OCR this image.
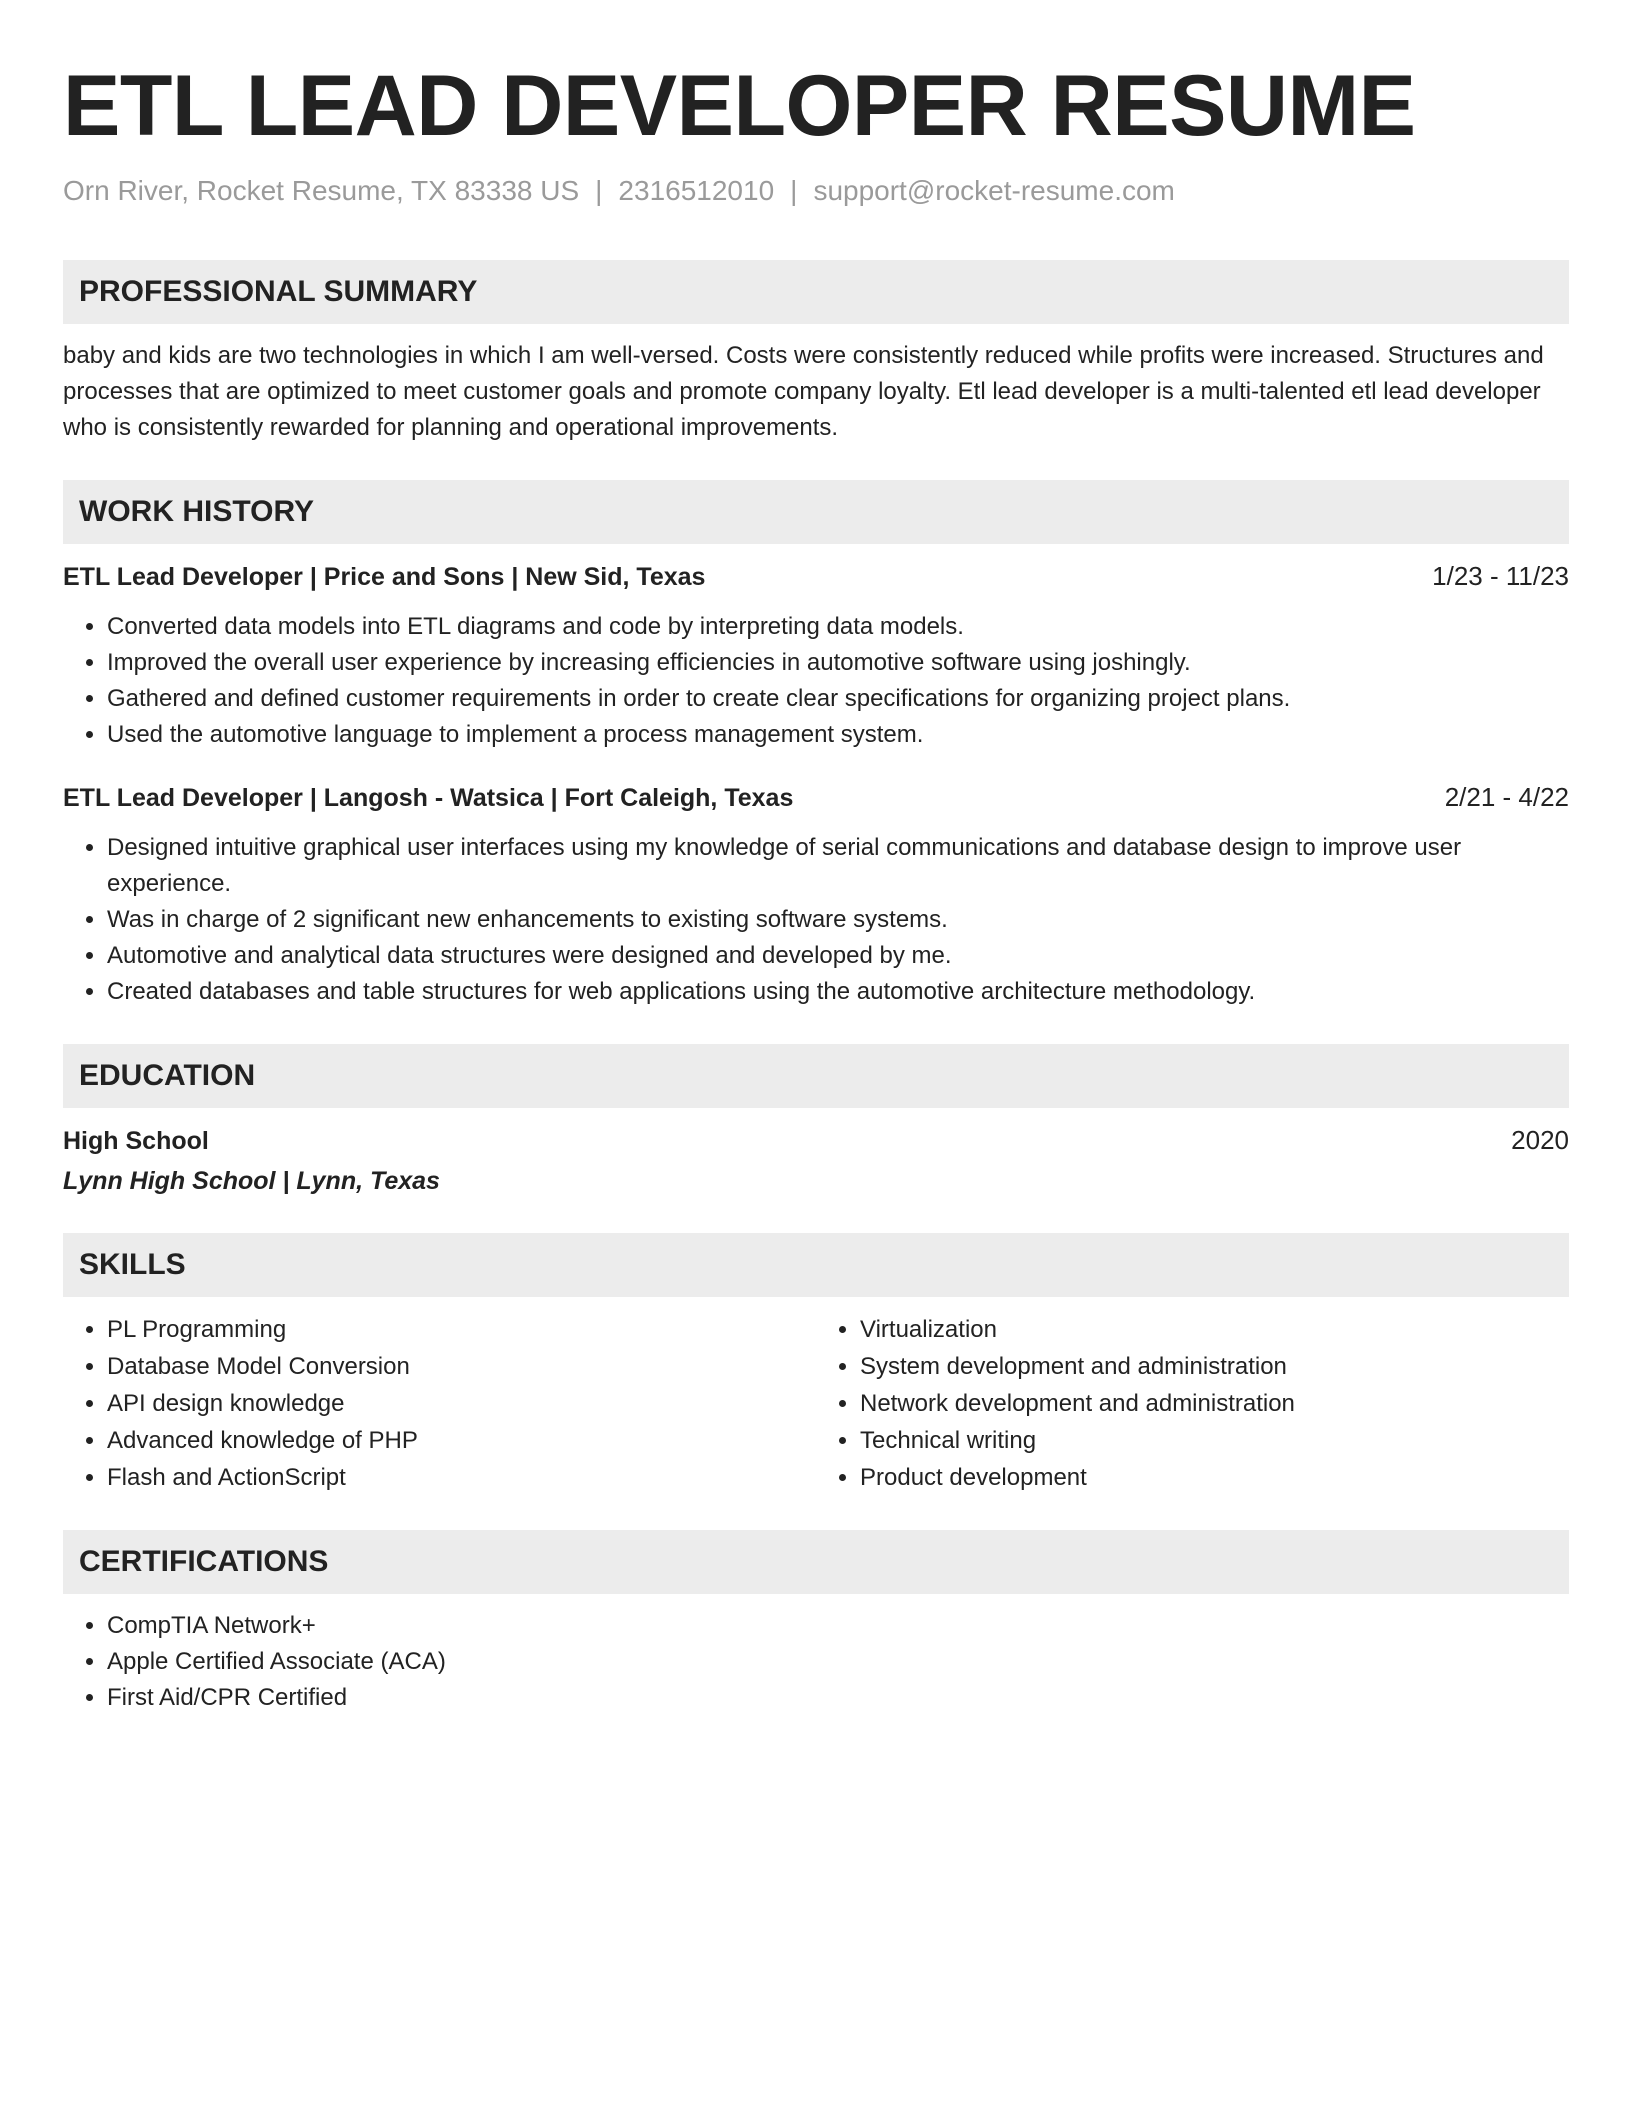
ETL LEAD DEVELOPER RESUME
Orn River, Rocket Resume, TX 83338 US | 2316512010 | support@rocket-resume.com
PROFESSIONAL SUMMARY
baby and kids are two technologies in which I am well-versed. Costs were consistently reduced while profits were increased. Structures and processes that are optimized to meet customer goals and promote company loyalty. Etl lead developer is a multi-talented etl lead developer who is consistently rewarded for planning and operational improvements.
WORK HISTORY
ETL Lead Developer | Price and Sons | New Sid, Texas	1/23 - 11/23
• Converted data models into ETL diagrams and code by interpreting data models.
• Improved the overall user experience by increasing efficiencies in automotive software using joshingly.
• Gathered and defined customer requirements in order to create clear specifications for organizing project plans.
• Used the automotive language to implement a process management system.
ETL Lead Developer | Langosh - Watsica | Fort Caleigh, Texas	2/21 - 4/22
• Designed intuitive graphical user interfaces using my knowledge of serial communications and database design to improve user experience.
• Was in charge of 2 significant new enhancements to existing software systems.
• Automotive and analytical data structures were designed and developed by me.
• Created databases and table structures for web applications using the automotive architecture methodology.
EDUCATION
High School	2020
Lynn High School | Lynn, Texas
SKILLS
• PL Programming
• Database Model Conversion
• API design knowledge
• Advanced knowledge of PHP
• Flash and ActionScript
• Virtualization
• System development and administration
• Network development and administration
• Technical writing
• Product development
CERTIFICATIONS
• CompTIA Network+
• Apple Certified Associate (ACA)
• First Aid/CPR Certified
